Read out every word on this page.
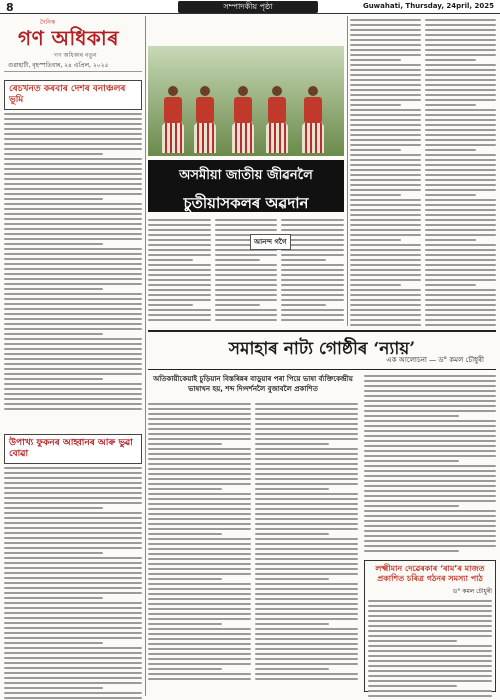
8	সম্পাদকীয় পৃষ্ঠা	Guwahati, Thursday, 24pril, 2025
দৈনিক
গণ অধিকাৰ
গণ অধিকাৰ নতুন
গুৱাহাটী, বৃহস্পতিবাৰ, ২৪ এপ্ৰিল, ২০২৫
ৰেচখনত কৰবাৰ দেশৰ বনাঞ্চলৰ ভূমি
অসমীয়া জাতীয় জীৱনলৈ
চুতীয়াসকলৰ অৱদান
আনন্দ গগৈ
সমাহাৰ নাট্য গোষ্ঠীৰ ‘ন্যায়’
এক আলোচনা — ড° কমল চৌধুৰী
অতিকায়ীকেয়াই চুড়িয়ান বিস্তৰিন্নৰ বাড়ুয়াৰ পৰা পিয়ে ভাষা ৰ্ব্যক্তিকেন্দ্ৰীয় ভাষাখন হয়, শব্দ দিগ্দৰ্শনলৈ বুজাবলৈ প্ৰকাশিত
লক্ষ্মীমান দেৱেৰকাৰ ‘ৰাম’ৰ মাজত প্ৰকাশিত চৰিত্ৰ গঠনৰ সমস্যা পাঠ
ড° কমল চৌধুৰী
উপাখ্য ফুকনৰ আহ্বানৰ আৰু ভুৱা বোৱা
